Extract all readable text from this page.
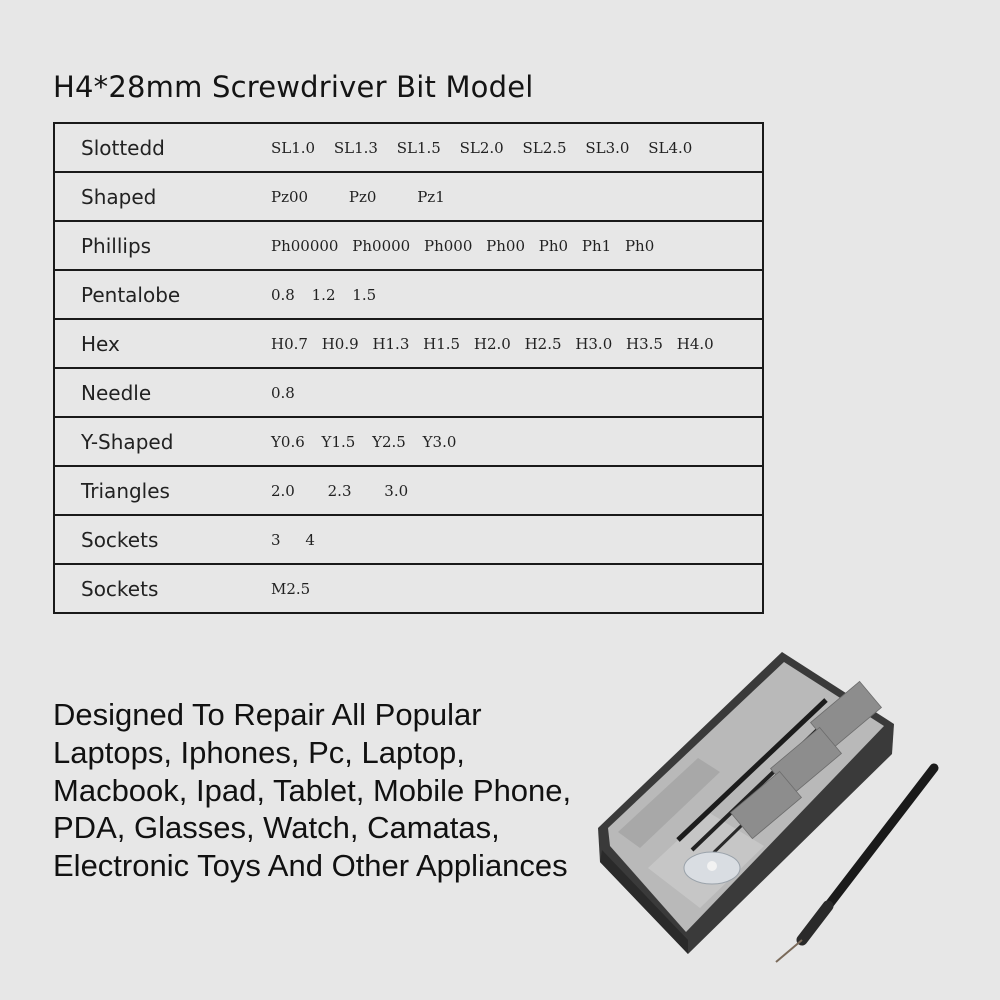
H4*28mm Screwdriver Bit Model
Slottedd	SL1.0 SL1.3 SL1.5 SL2.0 SL2.5 SL3.0 SL4.0
Shaped	Pz00 Pz0 Pz1
Phillips	Ph00000 Ph0000 Ph000 Ph00 Ph0 Ph1 Ph0
Pentalobe	0.8 1.2 1.5
Hex	H0.7 H0.9 H1.3 H1.5 H2.0 H2.5 H3.0 H3.5 H4.0
Needle	0.8
Y-Shaped	Y0.6 Y1.5 Y2.5 Y3.0
Triangles	2.0 2.3 3.0
Sockets	3 4
Sockets	M2.5
Designed To Repair All Popular Laptops, Iphones, Pc, Laptop, Macbook, Ipad, Tablet, Mobile Phone, PDA, Glasses, Watch, Camatas, Electronic Toys And Other Appliances
